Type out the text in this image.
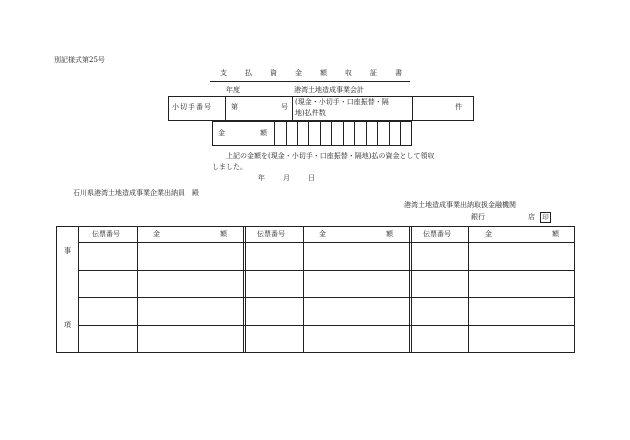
別記様式第25号
支	払	資	金	額	収	証	書
年度	港湾土地造成事業会計
小切手番号	第	号
(現金・小切手・口座振替・隔
地)払件数
件
金	額
上記の金額を(現金・小切手・口座振替・隔地)払の資金として領収
しました。
年	月	日
石川県港湾土地造成事業企業出納員　殿
港湾土地造成事業出納取扱金融機関
銀行	店	印
事
項
伝票番号	金	額	伝票番号	金	額	伝票番号	金	額
